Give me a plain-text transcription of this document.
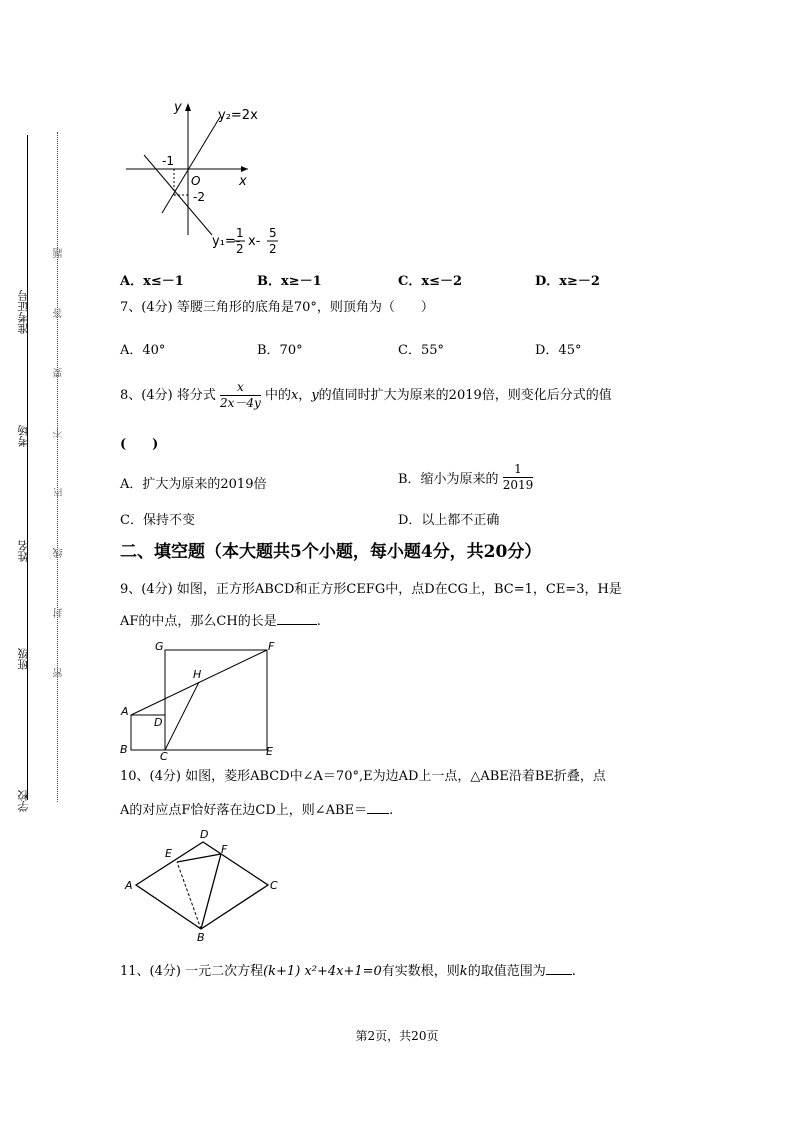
准考证号
考场
姓名
班级
学校
题
答
要
不
内
线
封
密
y
x
O
-1
-2
y₂=2x
y₁=-
1
2 x-
5
2
A．x≤－1	B．x≥－1	C．x≤－2	D．x≥－2
7、(4分) 等腰三角形的底角是70°，则顶角为（　　）
A．40°	B．70°	C．55°	D．45°
8、(4分) 将分式 $\frac{x}{2x-4y}$ 中的x，y的值同时扩大为原来的2019倍，则变化后分式的值
(　　)
A．扩大为原来的2019倍	B．缩小为原来的 $\frac{1}{2019}$
C．保持不变	D．以上都不正确
二、填空题（本大题共5个小题，每小题4分，共20分）
9、(4分) 如图，正方形ABCD和正方形CEFG中，点D在CG上，BC=1，CE=3，H是
AF的中点，那么CH的长是	.
G	F
H
A
D
B
C	E
10、(4分) 如图，菱形ABCD中∠A＝70°,E为边AD上一点，△ABE沿着BE折叠，点
A的对应点F恰好落在边CD上，则∠ABE＝ .
A
B
C
D
E	F
11、(4分) 一元二次方程(k+1) x²+4x+1=0有实数根，则k的取值范围为 .
第2页，共20页
